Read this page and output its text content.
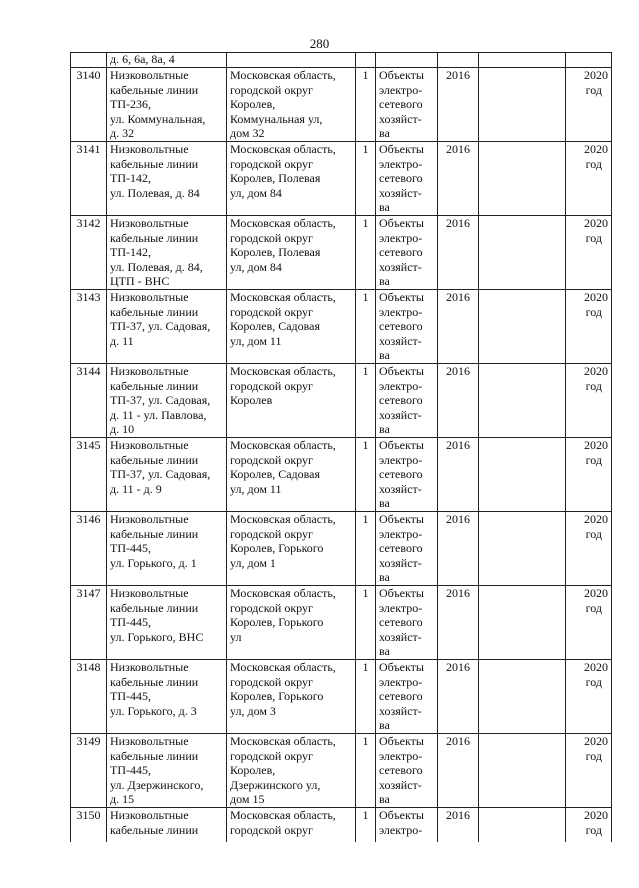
280
	д. 6, 6а, 8а, 4						
3140	Низковольтные
кабельные линии
ТП-236,
ул. Коммунальная,
д. 32	Московская область,
городской округ
Королев,
Коммунальная ул,
дом 32	1	Объекты
электро-
сетевого
хозяйст-
ва	2016		2020
год

3141	Низковольтные
кабельные линии
ТП-142,
ул. Полевая, д. 84	Московская область,
городской округ
Королев, Полевая
ул, дом 84	1	Объекты
электро-
сетевого
хозяйст-
ва	2016		2020
год

3142	Низковольтные
кабельные линии
ТП-142,
ул. Полевая, д. 84,
ЦТП - ВНС	Московская область,
городской округ
Королев, Полевая
ул, дом 84	1	Объекты
электро-
сетевого
хозяйст-
ва	2016		2020
год

3143	Низковольтные
кабельные линии
ТП-37, ул. Садовая,
д. 11	Московская область,
городской округ
Королев, Садовая
ул, дом 11	1	Объекты
электро-
сетевого
хозяйст-
ва	2016		2020
год

3144	Низковольтные
кабельные линии
ТП-37, ул. Садовая,
д. 11 - ул. Павлова,
д. 10	Московская область,
городской округ
Королев	1	Объекты
электро-
сетевого
хозяйст-
ва	2016		2020
год

3145	Низковольтные
кабельные линии
ТП-37, ул. Садовая,
д. 11 - д. 9	Московская область,
городской округ
Королев, Садовая
ул, дом 11	1	Объекты
электро-
сетевого
хозяйст-
ва	2016		2020
год

3146	Низковольтные
кабельные линии
ТП-445,
ул. Горького, д. 1	Московская область,
городской округ
Королев, Горького
ул, дом 1	1	Объекты
электро-
сетевого
хозяйст-
ва	2016		2020
год

3147	Низковольтные
кабельные линии
ТП-445,
ул. Горького, ВНС	Московская область,
городской округ
Королев, Горького
ул	1	Объекты
электро-
сетевого
хозяйст-
ва	2016		2020
год

3148	Низковольтные
кабельные линии
ТП-445,
ул. Горького, д. 3	Московская область,
городской округ
Королев, Горького
ул, дом 3	1	Объекты
электро-
сетевого
хозяйст-
ва	2016		2020
год

3149	Низковольтные
кабельные линии
ТП-445,
ул. Дзержинского,
д. 15	Московская область,
городской округ
Королев,
Дзержинского ул,
дом 15	1	Объекты
электро-
сетевого
хозяйст-
ва	2016		2020
год

3150	Низковольтные
кабельные линии	Московская область,
городской округ	1	Объекты
электро-	2016		2020
год
